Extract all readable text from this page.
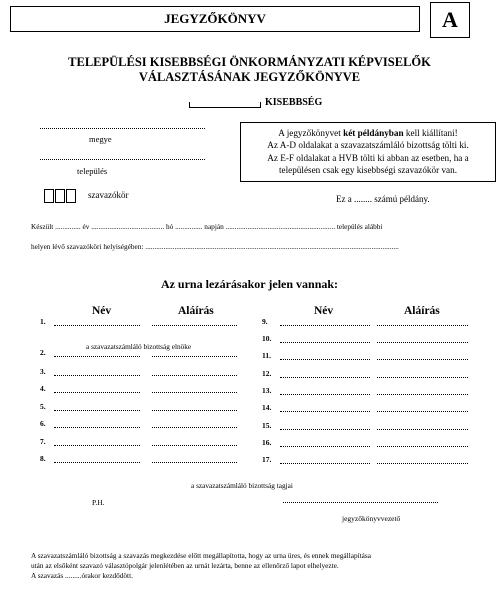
JEGYZŐKÖNYV	A
TELEPÜLÉSI KISEBBSÉGI ÖNKORMÁNYZATI KÉPVISELŐK
VÁLASZTÁSÁNAK JEGYZŐKÖNYVE
KISEBBSÉG
megye
település
A jegyzőkönyvet két példányban kell kiállítani!
Az A-D oldalakat a szavazatszámláló bizottság tölti ki.
Az E-F oldalakat a HVB tölti ki abban az esetben, ha a
településen csak egy kisebbségi szavazókör van.
szavazókör	Ez a ........ számú példány.
Készült .............. év ........................................ hó ............... napján ............................................................ település alábbi
helyen lévő szavazóköri helyiségében: ...........................................................................................................................................
Az urna lezárásakor jelen vannak:
Név	Aláírás	Név	Aláírás
1.
2.
3.
4.
5.
6.
7.
8.
9.
10.
11.
12.
13.
14.
15.
16.
17.
a szavazatszámláló bizottság elnöke
a szavazatszámláló bizottság tagjai
P.H.
jegyzőkönyvvezető
A szavazatszámláló bizottság a szavazás megkezdése előtt megállapította, hogy az urna üres, és ennek megállapítása
után az elsőként szavazó választópolgár jelenlétében az urnát lezárta, benne az ellenőrző lapot elhelyezte.
A szavazás .........órakor kezdődött.
